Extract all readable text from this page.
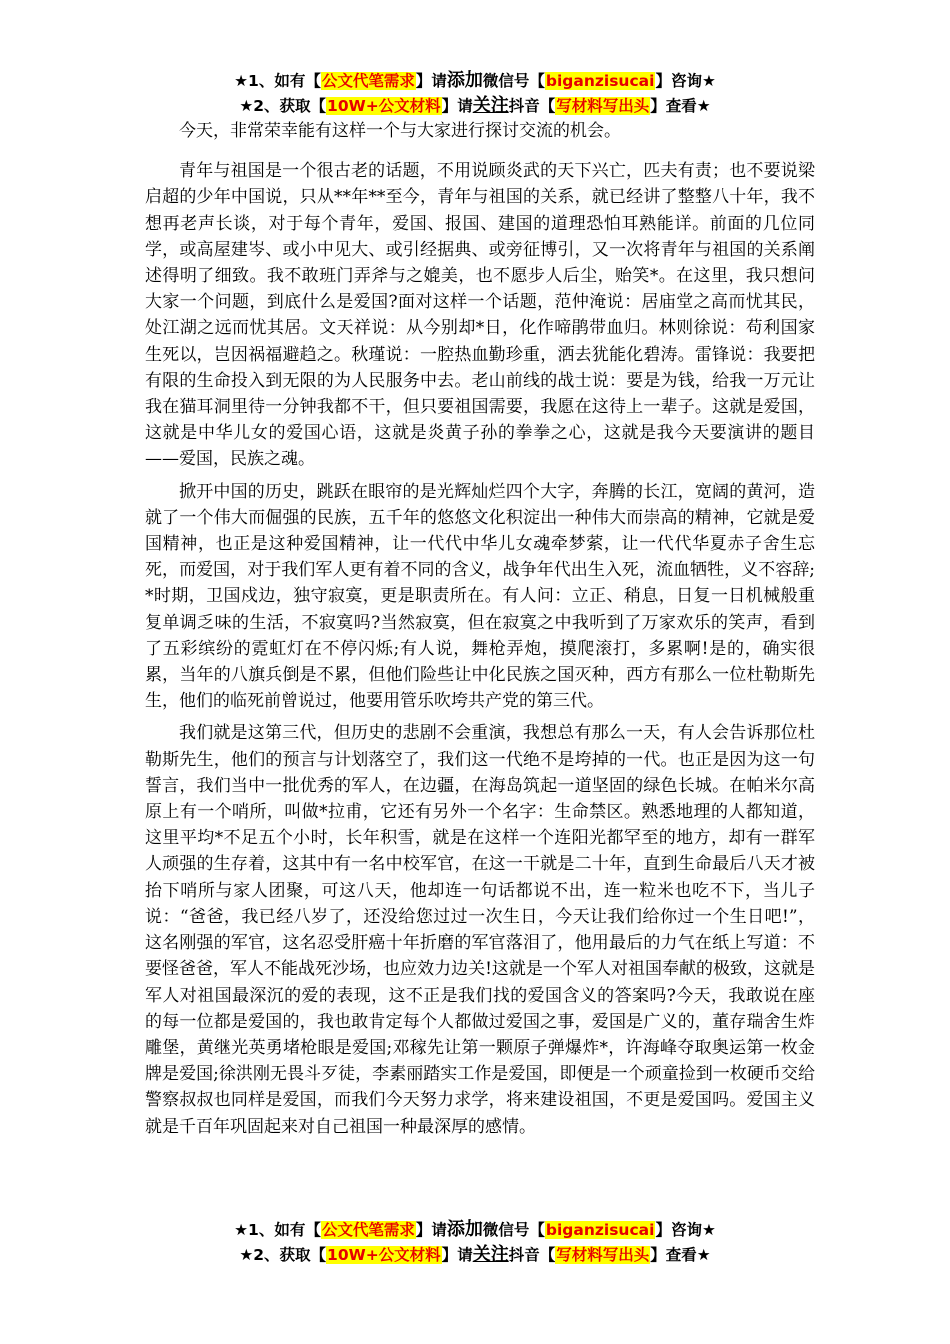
★1、如有【公文代笔需求】请添加微信号【biganzisucai】咨询★
★2、获取【10W+公文材料】请关注抖音【写材料写出头】查看★

今天，非常荣幸能有这样一个与大家进行探讨交流的机会。

青年与祖国是一个很古老的话题，不用说顾炎武的天下兴亡，匹夫有责；也不要说梁启超的少年中国说，只从**年**至今，青年与祖国的关系，就已经讲了整整八十年，我不想再老声长谈，对于每个青年，爱国、报国、建国的道理恐怕耳熟能详。前面的几位同学，或高屋建岑、或小中见大、或引经据典、或旁征博引，又一次将青年与祖国的关系阐述得明了细致。我不敢班门弄斧与之媲美，也不愿步人后尘，贻笑*。在这里，我只想问大家一个问题，到底什么是爱国?面对这样一个话题，范仲淹说：居庙堂之高而忧其民，处江湖之远而忧其居。文天祥说：从今别却*日，化作啼鹃带血归。林则徐说：苟利国家生死以，岂因祸福避趋之。秋瑾说：一腔热血勤珍重，洒去犹能化碧涛。雷锋说：我要把有限的生命投入到无限的为人民服务中去。老山前线的战士说：要是为钱，给我一万元让我在猫耳洞里待一分钟我都不干，但只要祖国需要，我愿在这待上一辈子。这就是爱国，这就是中华儿女的爱国心语，这就是炎黄子孙的拳拳之心，这就是我今天要演讲的题目——爱国，民族之魂。

掀开中国的历史，跳跃在眼帘的是光辉灿烂四个大字，奔腾的长江，宽阔的黄河，造就了一个伟大而倔强的民族，五千年的悠悠文化积淀出一种伟大而崇高的精神，它就是爱国精神，也正是这种爱国精神，让一代代中华儿女魂牵梦萦，让一代代华夏赤子舍生忘死，而爱国，对于我们军人更有着不同的含义，战争年代出生入死，流血牺牲，义不容辞;*时期，卫国戍边，独守寂寞，更是职责所在。有人问：立正、稍息，日复一日机械般重复单调乏味的生活，不寂寞吗?当然寂寞，但在寂寞之中我听到了万家欢乐的笑声，看到了五彩缤纷的霓虹灯在不停闪烁;有人说，舞枪弄炮，摸爬滚打，多累啊!是的，确实很累，当年的八旗兵倒是不累，但他们险些让中化民族之国灭种，西方有那么一位杜勒斯先生，他们的临死前曾说过，他要用管乐吹垮共产党的第三代。

我们就是这第三代，但历史的悲剧不会重演，我想总有那么一天，有人会告诉那位杜勒斯先生，他们的预言与计划落空了，我们这一代绝不是垮掉的一代。也正是因为这一句誓言，我们当中一批优秀的军人，在边疆，在海岛筑起一道坚固的绿色长城。在帕米尔高原上有一个哨所，叫做*拉甫，它还有另外一个名字：生命禁区。熟悉地理的人都知道，这里平均*不足五个小时，长年积雪，就是在这样一个连阳光都罕至的地方，却有一群军人顽强的生存着，这其中有一名中校军官，在这一干就是二十年，直到生命最后八天才被抬下哨所与家人团聚，可这八天，他却连一句话都说不出，连一粒米也吃不下，当儿子说：“爸爸，我已经八岁了，还没给您过过一次生日，今天让我们给你过一个生日吧!”，这名刚强的军官，这名忍受肝癌十年折磨的军官落泪了，他用最后的力气在纸上写道：不要怪爸爸，军人不能战死沙场，也应效力边关!这就是一个军人对祖国奉献的极致，这就是军人对祖国最深沉的爱的表现，这不正是我们找的爱国含义的答案吗?今天，我敢说在座的每一位都是爱国的，我也敢肯定每个人都做过爱国之事，爱国是广义的，董存瑞舍生炸雕堡，黄继光英勇堵枪眼是爱国;邓稼先让第一颗原子弹爆炸*，许海峰夺取奥运第一枚金牌是爱国;徐洪刚无畏斗歹徒，李素丽踏实工作是爱国，即便是一个顽童捡到一枚硬币交给警察叔叔也同样是爱国，而我们今天努力求学，将来建设祖国，不更是爱国吗。爱国主义就是千百年巩固起来对自己祖国一种最深厚的感情。

★1、如有【公文代笔需求】请添加微信号【biganzisucai】咨询★
★2、获取【10W+公文材料】请关注抖音【写材料写出头】查看★
